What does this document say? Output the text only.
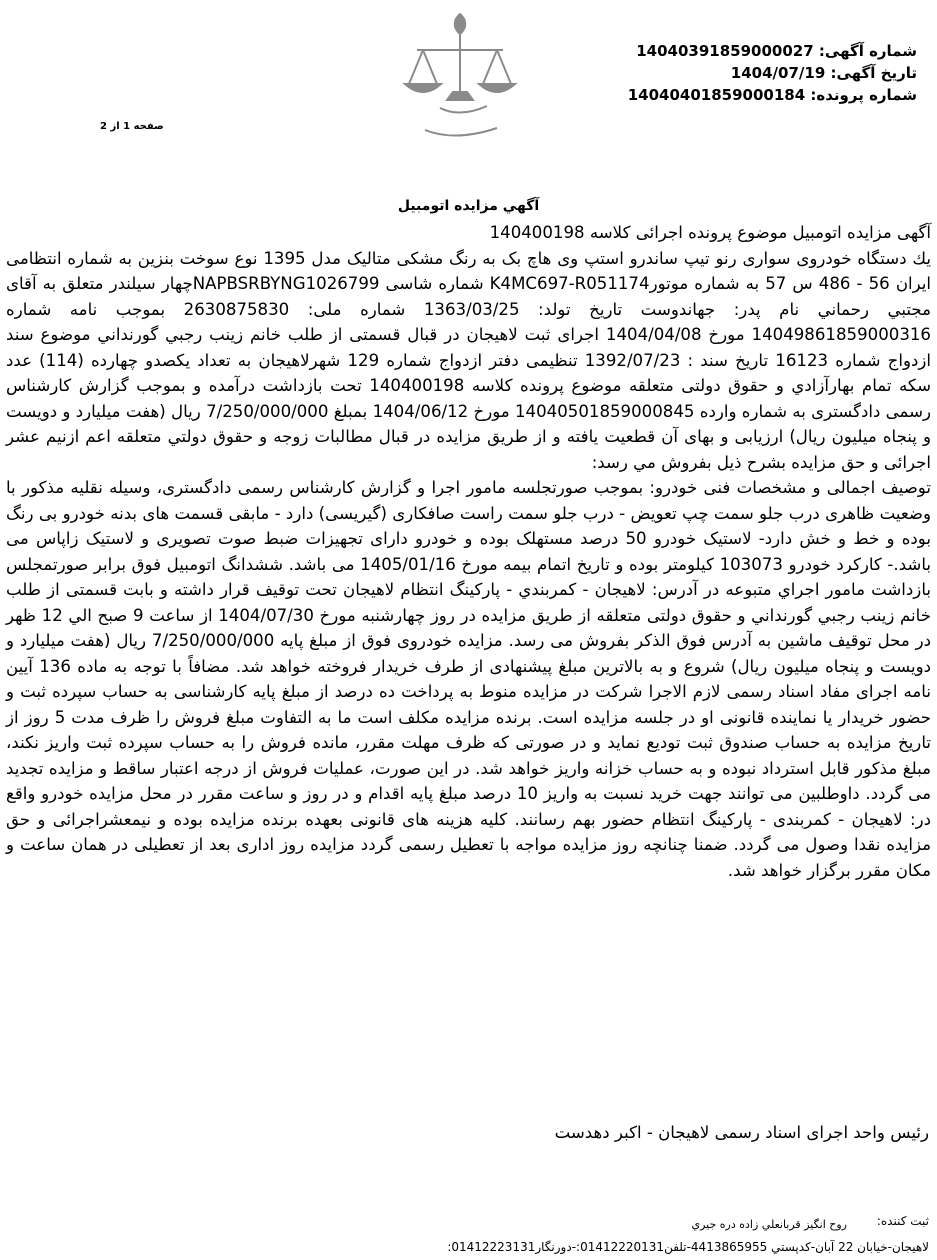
شماره آگهی: 14040391859000027
تاریخ آگهی: 1404/07/19
شماره پرونده: 14040401859000184
صفحه 1 از 2
آگهي مزايده اتومبيل

آگهی مزایده اتومبیل موضوع پرونده اجرائی کلاسه 140400198

یك دستگاه خودروی سواری رنو تیپ ساندرو استپ وی هاچ بک به رنگ مشکی متالیک مدل 1395 نوع سوخت بنزین به شماره انتظامی ایران 56 - 486 س 57 به شماره موتورK4MC697-R051174 شماره شاسی NAPBSRBYNG1026799چهار سیلندر متعلق به آقای مجتبي رحماني نام پدر: جهاندوست تاریخ تولد: 1363/03/25 شماره ملی: 2630875830 بموجب نامه شماره 14049861859000316 مورخ 1404/04/08 اجرای ثبت لاهیجان در قبال قسمتی از طلب خانم زینب رجبي گورنداني موضوع سند ازدواج شماره 16123 تاریخ سند : 1392/07/23 تنظیمی دفتر ازدواج شماره 129 شهرلاهیجان به تعداد یکصدو چهارده (114) عدد سکه تمام بهارآزادي و حقوق دولتی متعلقه موضوع پرونده کلاسه 140400198 تحت بازداشت درآمده و بموجب گزارش کارشناس رسمی دادگستری به شماره وارده 14040501859000845 مورخ 1404/06/12 بمبلغ 7/250/000/000 ریال (هفت میلیارد و دویست و پنجاه میلیون ریال) ارزیابی و بهای آن قطعیت یافته و از طریق مزایده در قبال مطالبات زوجه و حقوق دولتي متعلقه اعم ازنیم عشر اجرائی و حق مزایده بشرح ذیل بفروش مي رسد:

توصیف اجمالی و مشخصات فنی خودرو: بموجب صورتجلسه مامور اجرا و گزارش کارشناس رسمی دادگستری، وسیله نقلیه مذکور با وضعیت ظاهری درب جلو سمت چپ تعویض - درب جلو سمت راست صافکاری (گیریسی) دارد - مابقی قسمت های بدنه خودرو بی رنگ بوده و خط و خش دارد- لاستیک خودرو 50 درصد مستهلک بوده و خودرو دارای تجهیزات ضبط صوت تصویری و لاستیک زاپاس می باشد.- کارکرد خودرو 103073 کیلومتر بوده و تاریخ اتمام بیمه مورخ 1405/01/16 می باشد. ششدانگ اتومبیل فوق برابر صورتمجلس بازداشت مامور اجراي متبوعه در آدرس: لاهیجان - کمربندي - پارکینگ انتظام لاهیجان تحت توقیف قرار داشته و بابت قسمتی از طلب خانم زینب رجبي گورنداني و حقوق دولتی متعلقه از طریق مزایده در روز چهارشنبه مورخ 1404/07/30 از ساعت 9 صبح الي 12 ظهر در محل توقیف ماشین به آدرس فوق الذکر بفروش می رسد. مزایده خودروی فوق از مبلغ پایه 7/250/000/000 ریال (هفت میلیارد و دویست و پنجاه میلیون ریال) شروع و به بالاترین مبلغ پیشنهادی از طرف خریدار فروخته خواهد شد. مضافاً با توجه به ماده 136 آیین نامه اجرای مفاد اسناد رسمی لازم الاجرا شرکت در مزایده منوط به پرداخت ده درصد از مبلغ پایه کارشناسی به حساب سپرده ثبت و حضور خریدار یا نماینده قانونی او در جلسه مزایده است. برنده مزایده مکلف است ما به التفاوت مبلغ فروش را ظرف مدت 5 روز از تاریخ مزایده به حساب صندوق ثبت تودیع نماید و در صورتی که ظرف مهلت مقرر، مانده فروش را به حساب سپرده ثبت واریز نکند، مبلغ مذکور قابل استرداد نبوده و به حساب خزانه واریز خواهد شد. در این صورت، عملیات فروش از درجه اعتبار ساقط و مزایده تجدید می گردد. داوطلبین می توانند جهت خرید نسبت به واریز 10 درصد مبلغ پایه اقدام و در روز و ساعت مقرر در محل مزایده خودرو واقع در: لاهیجان - کمربندی - پارکینگ انتظام حضور بهم رسانند. کلیه هزینه های قانونی بعهده برنده مزایده بوده و نیمعشراجرائی و حق مزایده نقدا وصول می گردد. ضمنا چنانچه روز مزایده مواجه با تعطیل رسمی گردد مزایده روز اداری بعد از تعطیلی در همان ساعت و مکان مقرر برگزار خواهد شد.

رئیس واحد اجرای اسناد رسمی لاهیجان - اکبر دهدست
ثبت كننده:
روح انگيز قربانعلي زاده دره جيري
لاهيجان-خيابان 22 آبان-كدپستي 4413865955-تلفن01412220131:-دورنگار01412223131:
